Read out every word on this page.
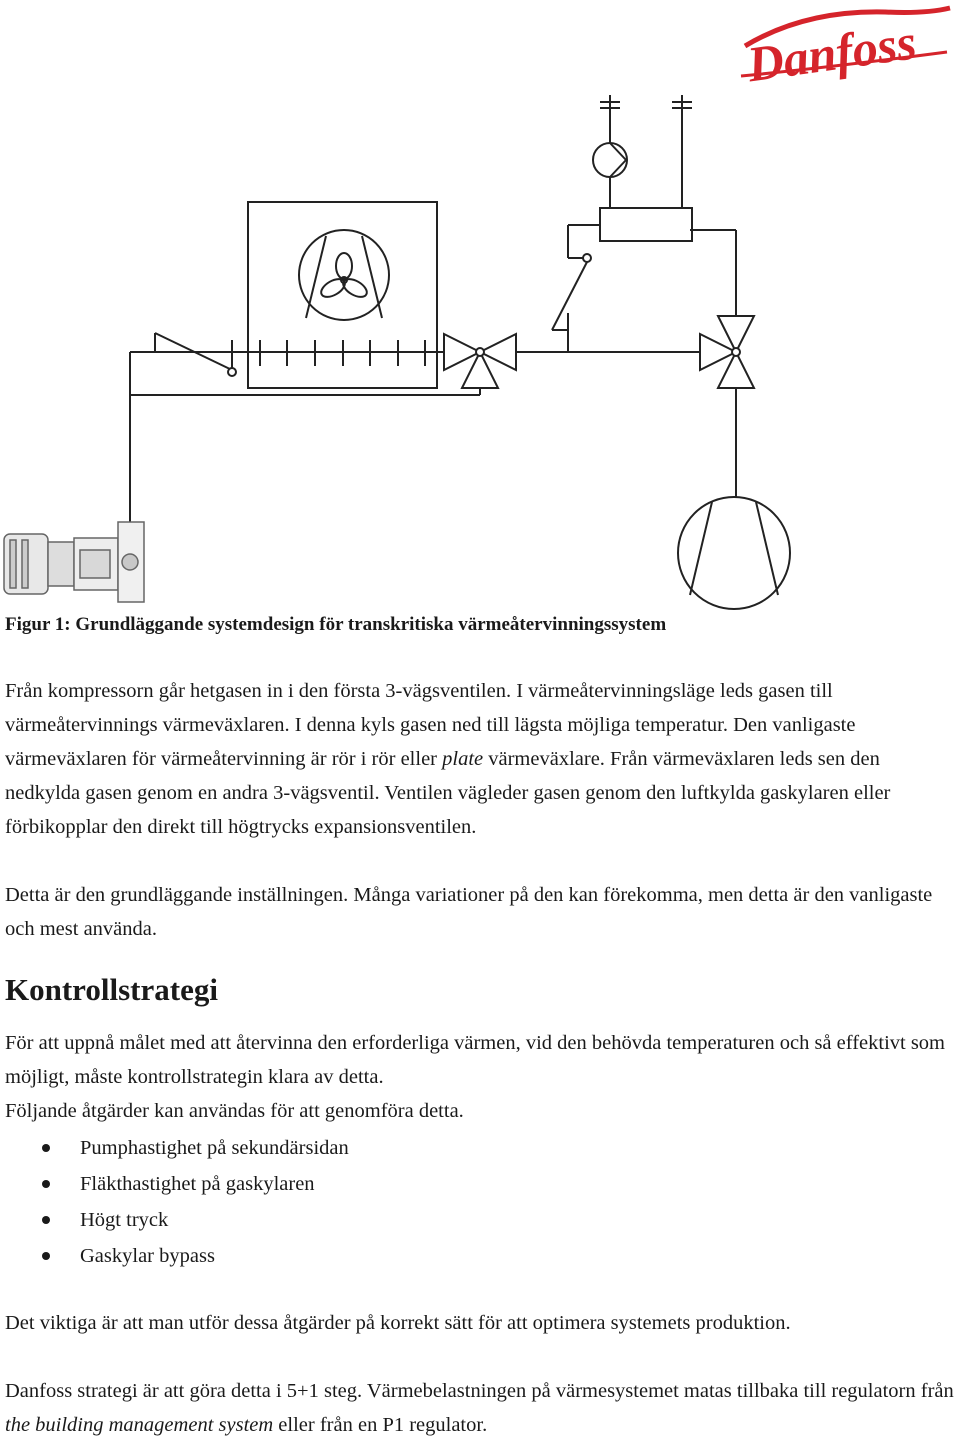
Danfoss

Figur 1: Grundläggande systemdesign för transkritiska värmeåtervinningssystem

Från kompressorn går hetgasen in i den första 3-vägsventilen. I värmeåtervinningsläge leds gasen till värmeåtervinnings värmeväxlaren. I denna kyls gasen ned till lägsta möjliga temperatur. Den vanligaste värmeväxlaren för värmeåtervinning är rör i rör eller plate värmeväxlare. Från värmeväxlaren leds sen den nedkylda gasen genom en andra 3-vägsventil. Ventilen vägleder gasen genom den luftkylda gaskylaren eller förbikopplar den direkt till högtrycks expansionsventilen.

Detta är den grundläggande inställningen. Många variationer på den kan förekomma, men detta är den vanligaste och mest använda.

Kontrollstrategi

För att uppnå målet med att återvinna den erforderliga värmen, vid den behövda temperaturen och så effektivt som möjligt, måste kontrollstrategin klara av detta.

Följande åtgärder kan användas för att genomföra detta.

Pumphastighet på sekundärsidan
Fläkthastighet på gaskylaren
Högt tryck
Gaskylar bypass

Det viktiga är att man utför dessa åtgärder på korrekt sätt för att optimera systemets produktion.

Danfoss strategi är att göra detta i 5+1 steg. Värmebelastningen på värmesystemet matas tillbaka till regulatorn från the building management system eller från en P1 regulator.
